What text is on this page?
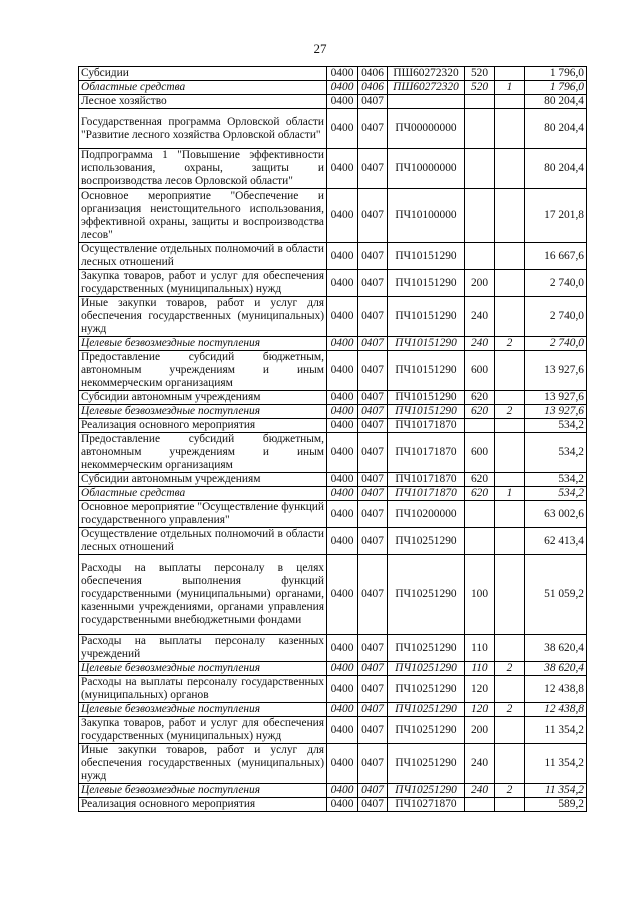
27
Субсидии	0400	0406	ПШ60272320	520		1 796,0
Областные средства	0400	0406	ПШ60272320	520	1	1 796,0
Лесное хозяйство	0400	0407				80 204,4
Государственная программа Орловской области "Развитие лесного хозяйства Орловской области"	0400	0407	ПЧ00000000			80 204,4
Подпрограмма 1 "Повышение эффективности использования, охраны, защиты и воспроизводства лесов Орловской области"	0400	0407	ПЧ10000000			80 204,4
Основное мероприятие "Обеспечение и организация неистощительного использования, эффективной охраны, защиты и воспроизводства лесов"	0400	0407	ПЧ10100000			17 201,8
Осуществление отдельных полномочий в области лесных отношений	0400	0407	ПЧ10151290			16 667,6
Закупка товаров, работ и услуг для обеспечения государственных (муниципальных) нужд	0400	0407	ПЧ10151290	200		2 740,0
Иные закупки товаров, работ и услуг для обеспечения государственных (муниципальных) нужд	0400	0407	ПЧ10151290	240		2 740,0
Целевые безвозмездные поступления	0400	0407	ПЧ10151290	240	2	2 740,0
Предоставление субсидий бюджетным, автономным учреждениям и иным некоммерческим организациям	0400	0407	ПЧ10151290	600		13 927,6
Субсидии автономным учреждениям	0400	0407	ПЧ10151290	620		13 927,6
Целевые безвозмездные поступления	0400	0407	ПЧ10151290	620	2	13 927,6
Реализация основного мероприятия	0400	0407	ПЧ10171870			534,2
Предоставление субсидий бюджетным, автономным учреждениям и иным некоммерческим организациям	0400	0407	ПЧ10171870	600		534,2
Субсидии автономным учреждениям	0400	0407	ПЧ10171870	620		534,2
Областные средства	0400	0407	ПЧ10171870	620	1	534,2
Основное мероприятие "Осуществление функций государственного управления"	0400	0407	ПЧ10200000			63 002,6
Осуществление отдельных полномочий в области лесных отношений	0400	0407	ПЧ10251290			62 413,4
Расходы на выплаты персоналу в целях обеспечения выполнения функций государственными (муниципальными) органами, казенными учреждениями, органами управления государственными внебюджетными фондами	0400	0407	ПЧ10251290	100		51 059,2
Расходы на выплаты персоналу казенных учреждений	0400	0407	ПЧ10251290	110		38 620,4
Целевые безвозмездные поступления	0400	0407	ПЧ10251290	110	2	38 620,4
Расходы на выплаты персоналу государственных (муниципальных) органов	0400	0407	ПЧ10251290	120		12 438,8
Целевые безвозмездные поступления	0400	0407	ПЧ10251290	120	2	12 438,8
Закупка товаров, работ и услуг для обеспечения государственных (муниципальных) нужд	0400	0407	ПЧ10251290	200		11 354,2
Иные закупки товаров, работ и услуг для обеспечения государственных (муниципальных) нужд	0400	0407	ПЧ10251290	240		11 354,2
Целевые безвозмездные поступления	0400	0407	ПЧ10251290	240	2	11 354,2
Реализация основного мероприятия	0400	0407	ПЧ10271870			589,2
